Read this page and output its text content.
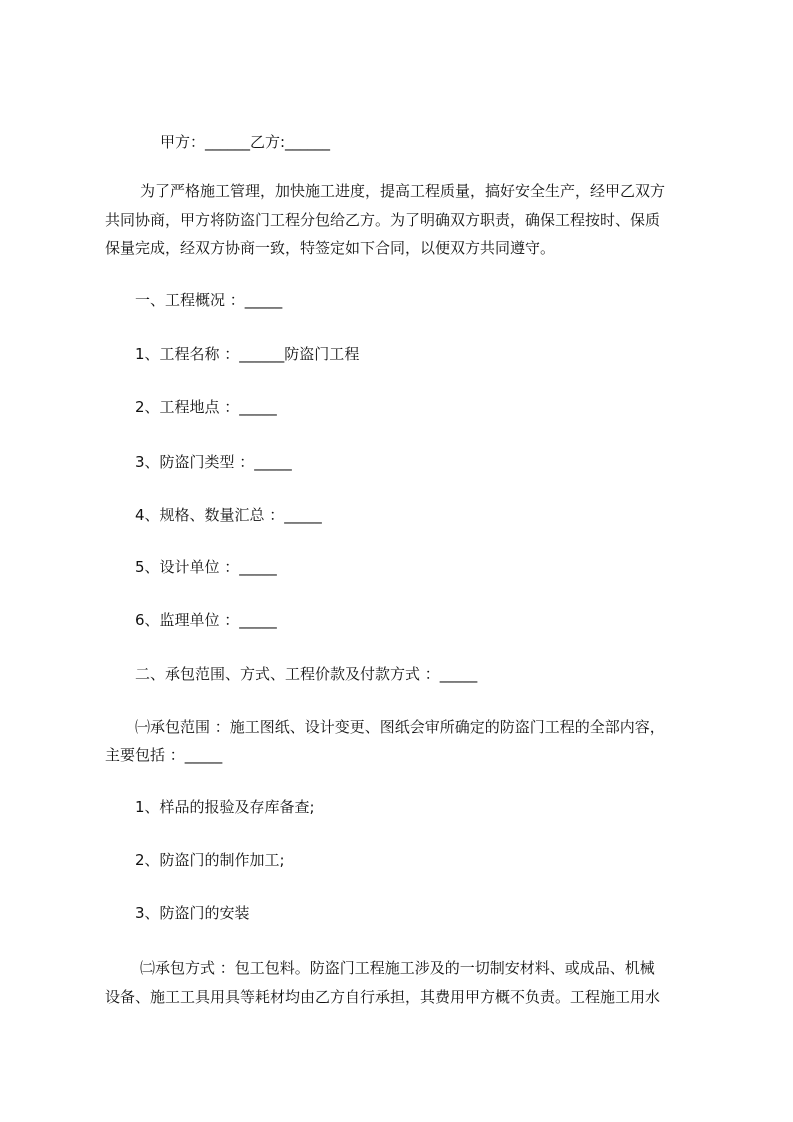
甲方：______乙方:______
为了严格施工管理，加快施工进度，提高工程质量，搞好安全生产，经甲乙双方
共同协商，甲方将防盗门工程分包给乙方。为了明确双方职责，确保工程按时、保质
保量完成，经双方协商一致，特签定如下合同，以便双方共同遵守。
一、工程概况 ：_____
1、工程名称 ：______防盗门工程
2、工程地点 ：_____
3、防盗门类型 ：_____
4、规格、数量汇总 ：_____
5、设计单位 ：_____
6、监理单位 ：_____
二、承包范围、方式、工程价款及付款方式 ：_____
㈠承包范围 ：施工图纸、设计变更、图纸会审所确定的防盗门工程的全部内容，
主要包括 ：_____
1、样品的报验及存库备查;
2、防盗门的制作加工;
3、防盗门的安装
㈡承包方式 ：包工包料。防盗门工程施工涉及的一切制安材料、或成品、机械
设备、施工工具用具等耗材均由乙方自行承担，其费用甲方概不负责。工程施工用水
